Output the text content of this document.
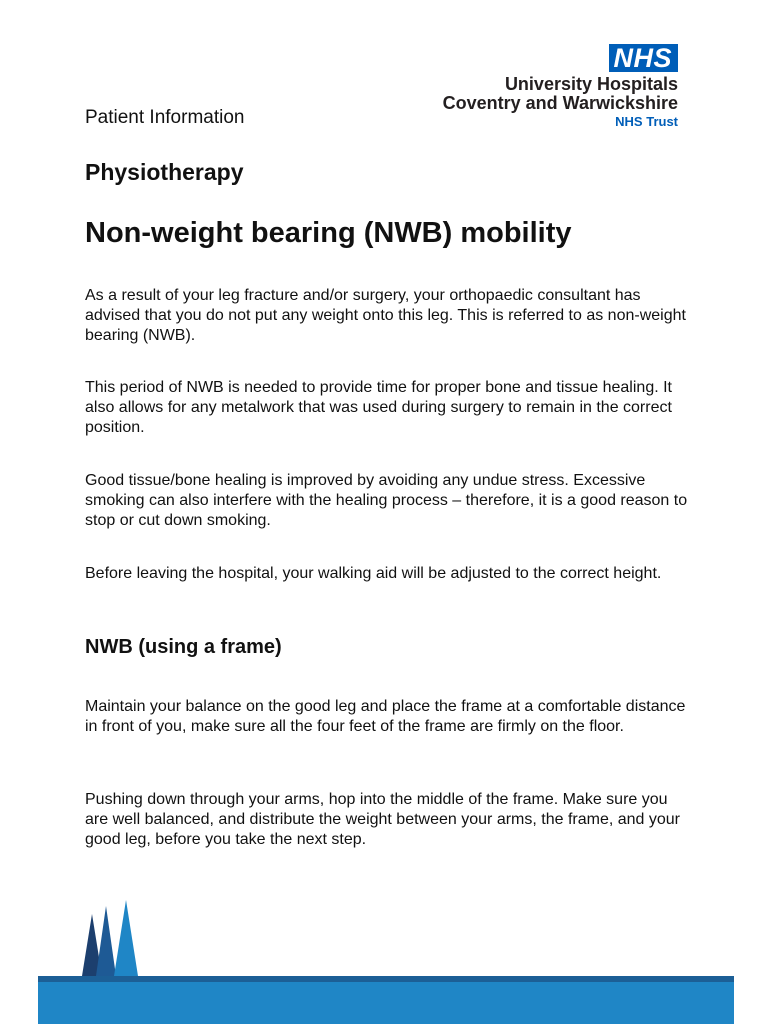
NHS
University Hospitals
Coventry and Warwickshire
NHS Trust

Patient Information

Physiotherapy
Non-weight bearing (NWB) mobility

As a result of your leg fracture and/or surgery, your orthopaedic consultant has advised that you do not put any weight onto this leg. This is referred to as non-weight bearing (NWB).

This period of NWB is needed to provide time for proper bone and tissue healing. It also allows for any metalwork that was used during surgery to remain in the correct position.

Good tissue/bone healing is improved by avoiding any undue stress. Excessive smoking can also interfere with the healing process – therefore, it is a good reason to stop or cut down smoking.

Before leaving the hospital, your walking aid will be adjusted to the correct height.

NWB (using a frame)

Maintain your balance on the good leg and place the frame at a comfortable distance in front of you, make sure all the four feet of the frame are firmly on the floor.

Pushing down through your arms, hop into the middle of the frame. Make sure you are well balanced, and distribute the weight between your arms, the frame, and your good leg, before you take the next step.
